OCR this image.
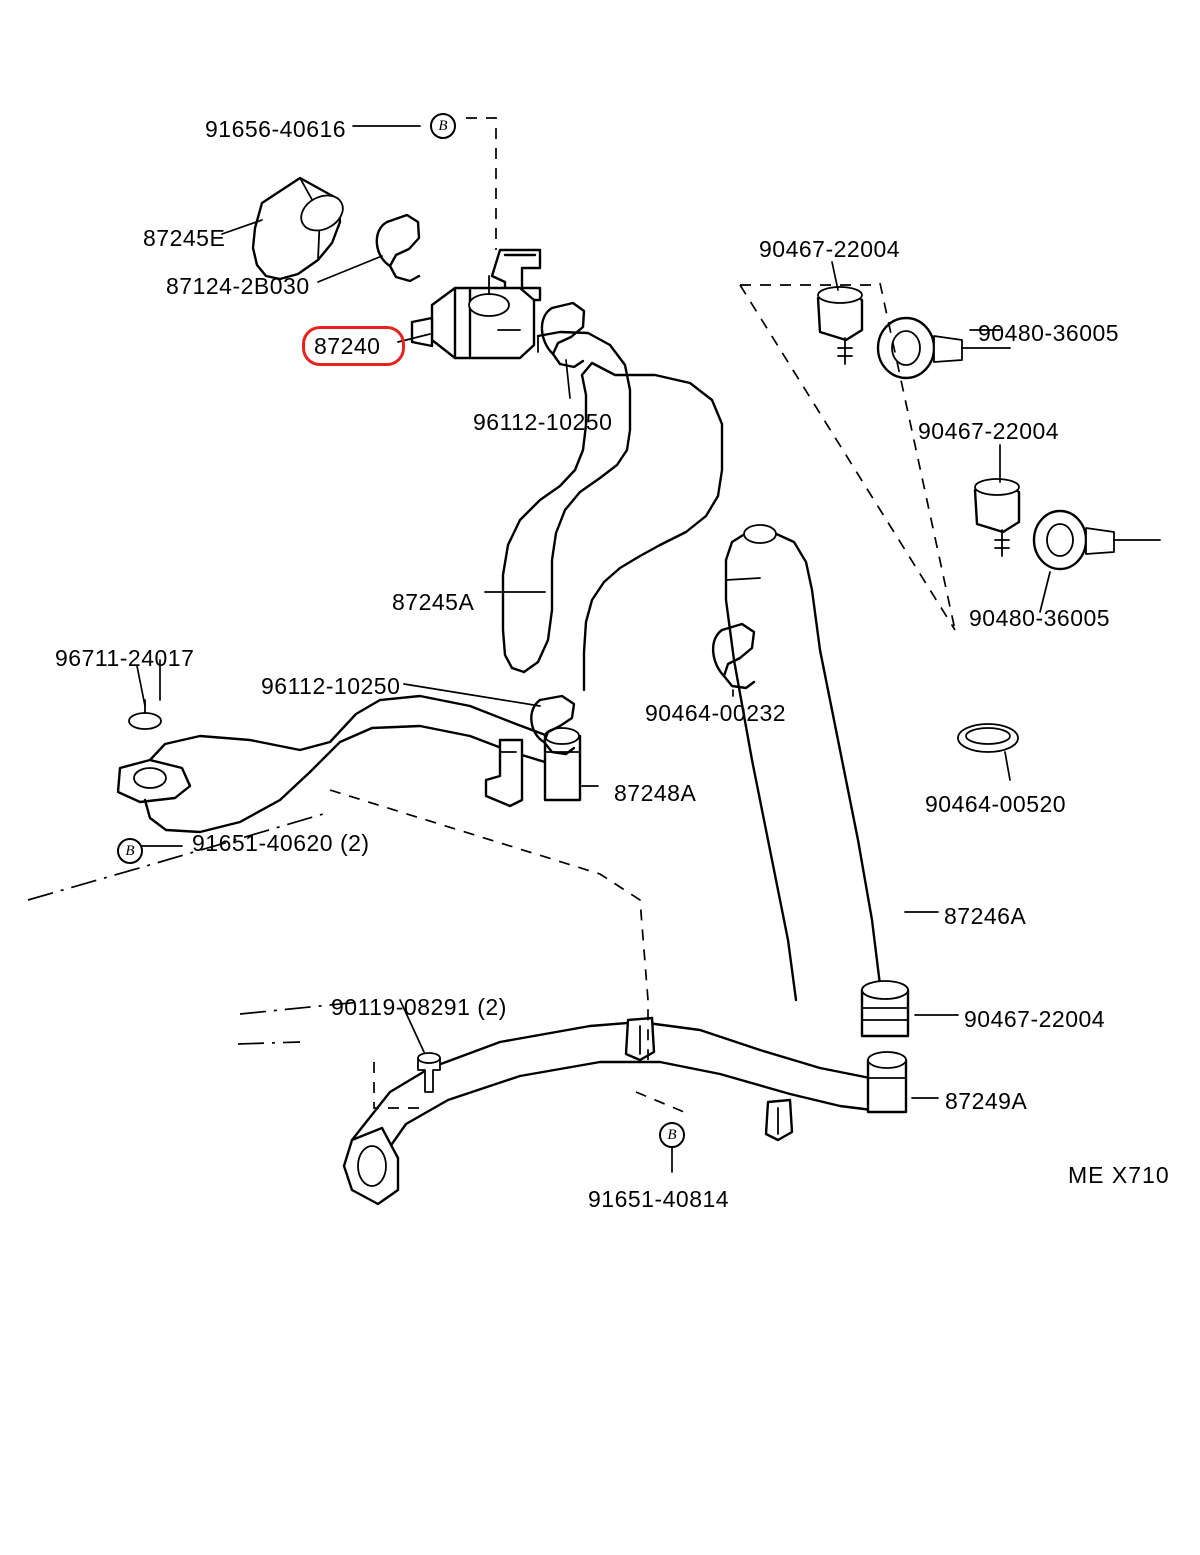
91656-40616
87245E
87124-2B030
87240
96112-10250
90467-22004
90480-36005
90467-22004
90480-36005
87245A
96711-24017
96112-10250
90464-00232
87248A	90464-00520
91651-40620 (2)
87246A
90119-08291 (2)	90467-22004
87249A
91651-40814
B
B
B
ME X710
